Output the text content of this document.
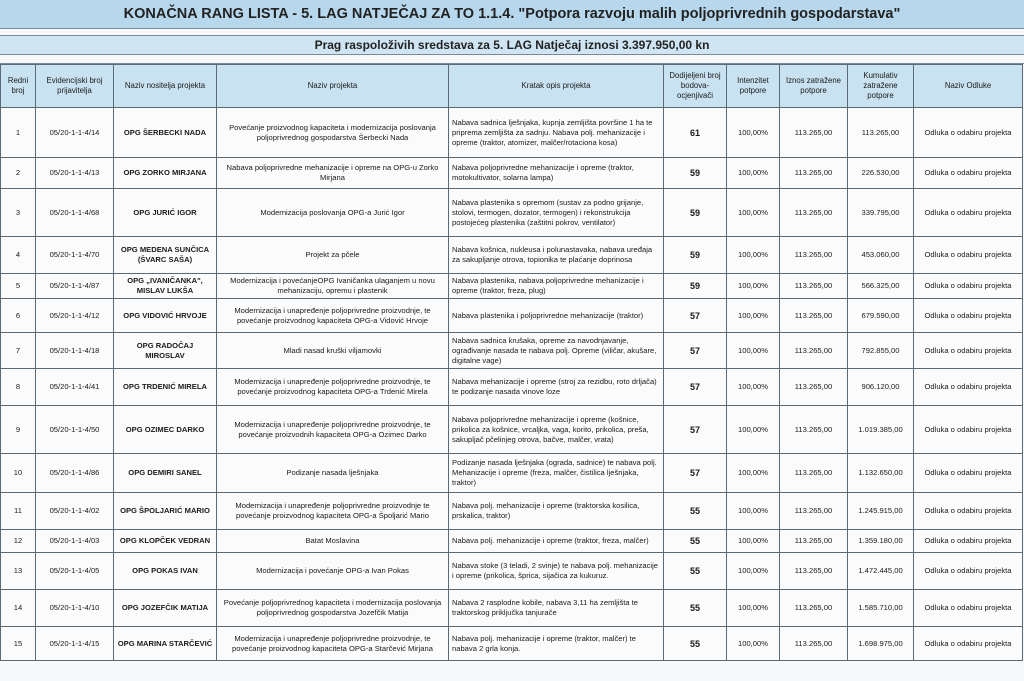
KONAČNA RANG LISTA - 5. LAG NATJEČAJ ZA TO 1.1.4. "Potpora razvoju malih poljoprivrednih gospodarstava"
Prag raspoloživih sredstava za 5. LAG Natječaj iznosi 3.397.950,00 kn
Redni broj	Evidencijski broj prijavitelja	Naziv nositelja projekta	Naziv projekta	Kratak opis projekta	Dodijeljeni broj bodova- ocjenjivači	Intenzitet potpore	Iznos zatražene potpore	Kumulativ zatražene potpore	Naziv Odluke
1	05/20-1-1-4/14	OPG ŠERBECKI NADA	Povećanje proizvodnog kapaciteta i modernizacija poslovanja poljoprivrednog gospodarstva Šerbecki Nada	Nabava sadnica lješnjaka, kupnja zemljišta površine 1 ha te priprema zemljišta za sadnju. Nabava polj. mehanizacije i opreme (traktor, atomizer, malčer/rotaciona kosa)	61	100,00%	113.265,00	113.265,00	Odluka o odabiru projekta
2	05/20-1-1-4/13	OPG ZORKO MIRJANA	Nabava poljoprivredne mehanizacije i opreme na OPG-u Zorko Mirjana	Nabava poljoprivredne mehanizacije i opreme (traktor, motokultivator, solarna lampa)	59	100,00%	113.265,00	226.530,00	Odluka o odabiru projekta
3	05/20-1-1-4/68	OPG JURIĆ IGOR	Modernizacija poslovanja OPG-a Jurić Igor	Nabava plastenika s opremom (sustav za podno grijanje, stolovi, termogen, dozator, termogen) i rekonstrukcija postojećeg plastenika (zaštitni pokrov, ventilator)	59	100,00%	113.265,00	339.795,00	Odluka o odabiru projekta
4	05/20-1-1-4/70	OPG MEDENA SUNČICA (ŠVARC SAŠA)	Projekt za pčele	Nabava košnica, nukleusa i polunastavaka, nabava uređaja za sakupljanje otrova, topionika te plaćanje doprinosa	59	100,00%	113.265,00	453.060,00	Odluka o odabiru projekta
5	05/20-1-1-4/87	OPG „IVANIČANKA", MISLAV LUKŠA	Modernizacija i povećanjeOPG Ivaničanka ulaganjem u novu mehanizaciju, opremu i plastenik	Nabava plastenika, nabava poljoprivredne mehanizacije i opreme (traktor, freza, plug)	59	100,00%	113.265,00	566.325,00	Odluka o odabiru projekta
6	05/20-1-1-4/12	OPG VIDOVIĆ HRVOJE	Modernizacija i unapređenje poljoprivredne proizvodnje, te povećanje proizvodnog kapaciteta OPG-a Vidović Hrvoje	Nabava plastenika i poljoprivredne mehanizacije (traktor)	57	100,00%	113.265,00	679.590,00	Odluka o odabiru projekta
7	05/20-1-1-4/18	OPG RADOČAJ MIROSLAV	Mladi nasad kruški viljamovki	Nabava sadnica krušaka, opreme za navodnjavanje, ograđivanje nasada te nabava polj. Opreme (viličar, akušare, digitalne vage)	57	100,00%	113.265,00	792.855,00	Odluka o odabiru projekta
8	05/20-1-1-4/41	OPG TRDENIĆ MIRELA	Modernizacija i unapređenje poljoprivredne proizvodnje, te povećanje proizvodnog kapaciteta OPG-a Trdenić Mirela	Nabava mehanizacije i opreme (stroj za rezidbu, roto drljača) te podizanje nasada vinove loze	57	100,00%	113.265,00	906.120,00	Odluka o odabiru projekta
9	05/20-1-1-4/50	OPG OZIMEC DARKO	Modernizacija i unapređenje poljoprivredne proizvodnje, te povećanje proizvodnih kapaciteta OPG-a Ozimec Darko	Nabava poljoprivredne mehanizacije i opreme (košnice, prikolica za košnice, vrcaljka, vaga, korito, prikolica, preša, sakupljač pčelinjeg otrova, bačve, malčer, vrata)	57	100,00%	113.265,00	1.019.385,00	Odluka o odabiru projekta
10	05/20-1-1-4/86	OPG DEMIRI SANEL	Podizanje nasada lješnjaka	Podizanje nasada lješnjaka (ograda, sadnice) te nabava polj. Mehanizacije i opreme (freza, malčer, čistilica lješnjaka, traktor)	57	100,00%	113.265,00	1.132.650,00	Odluka o odabiru projekta
11	05/20-1-1-4/02	OPG ŠPOLJARIĆ MARIO	Modernizacija i unapređenje poljoprivredne proizvodnje te povećanje proizvodnog kapaciteta OPG-a Špoljarić Mario	Nabava polj. mehanizacije i opreme (traktorska kosilica, prskalica, traktor)	55	100,00%	113.265,00	1.245.915,00	Odluka o odabiru projekta
12	05/20-1-1-4/03	OPG KLOPČEK VEDRAN	Batat Moslavina	Nabava polj. mehanizacije i opreme (traktor, freza, malčer)	55	100,00%	113.265,00	1.359.180,00	Odluka o odabiru projekta
13	05/20-1-1-4/05	OPG POKAS IVAN	Modernizacija i povećanje OPG-a Ivan Pokas	Nabava stoke (3 teladi, 2 svinje) te nabava polj. mehanizacije i opreme (prikolica, šprica, sijačica za kukuruz.	55	100,00%	113.265,00	1.472.445,00	Odluka o odabiru projekta
14	05/20-1-1-4/10	OPG JOZEFČIK MATIJA	Povećanje poljoprivrednog kapaciteta i modernizacija poslovanja poljoprivrednog gospodarstva Jozefčik Matija	Nabava 2 rasplodne kobile, nabava 3,11 ha zemljišta te traktorskog priključka tanjurače	55	100,00%	113.265,00	1.585.710,00	Odluka o odabiru projekta
15	05/20-1-1-4/15	OPG MARINA STARČEVIĆ	Modernizacija i unapređenje poljoprivredne proizvodnje, te povećanje proizvodnog kapaciteta OPG-a Starčević Mirjana	Nabava polj. mehanizacije i opreme (traktor, malčer) te nabava 2 grla konja.	55	100,00%	113.265,00	1.698.975,00	Odluka o odabiru projekta
